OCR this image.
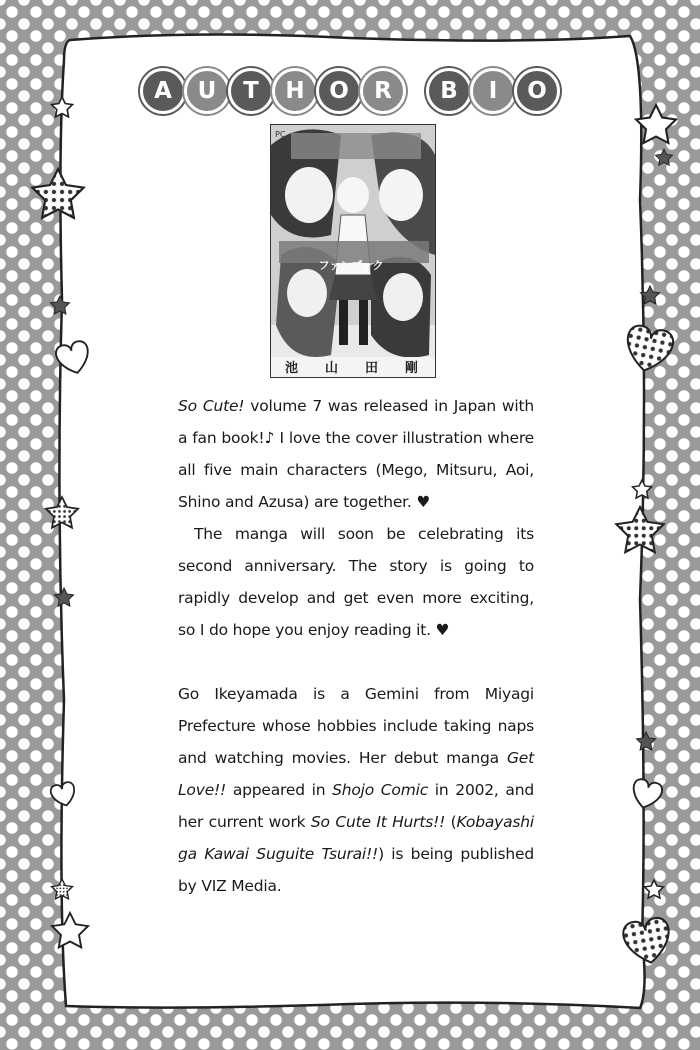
A	U	T	H	O	R	B	I	O
PC
ファンブック
池 山 田 剛

So Cute! volume 7 was released in Japan with a fan book!♪ I love the cover illustration where all five main characters (Mego, Mitsuru, Aoi, Shino and Azusa) are together. ♥

The manga will soon be celebrating its second anniversary. The story is going to rapidly develop and get even more exciting, so I do hope you enjoy reading it. ♥

Go Ikeyamada is a Gemini from Miyagi Prefecture whose hobbies include taking naps and watching movies. Her debut manga Get Love!! appeared in Shojo Comic in 2002, and her current work So Cute It Hurts!! (Kobayashi ga Kawai Suguite Tsurai!!) is being published by VIZ Media.
